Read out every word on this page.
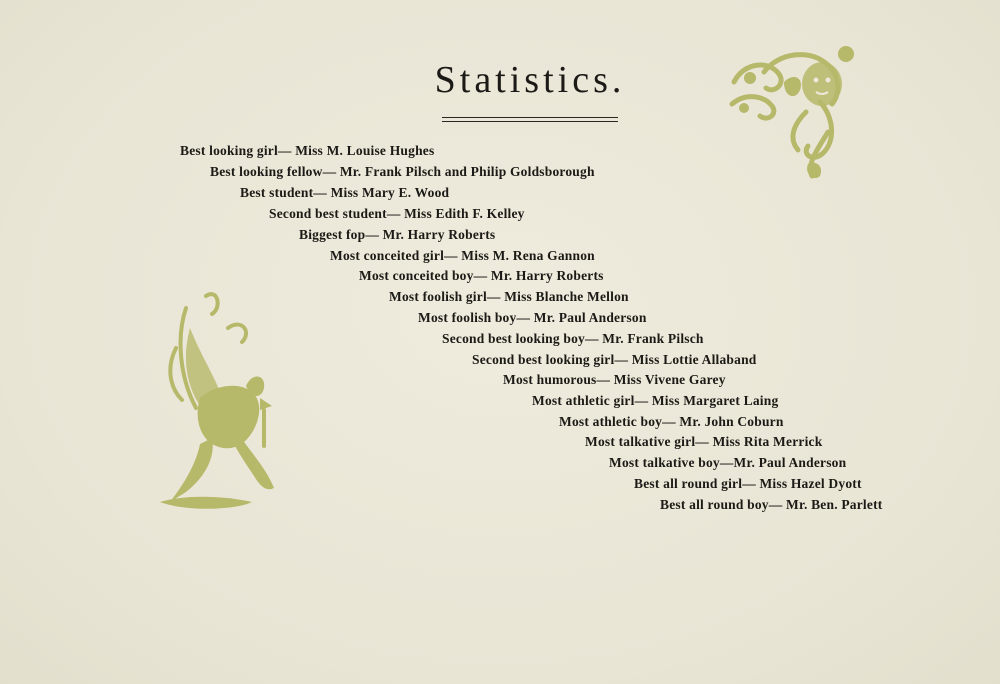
Statistics.
Best looking girl— Miss M. Louise Hughes
Best looking fellow— Mr. Frank Pilsch and Philip Goldsborough
Best student— Miss Mary E. Wood
Second best student— Miss Edith F. Kelley
Biggest fop— Mr. Harry Roberts
Most conceited girl— Miss M. Rena Gannon
Most conceited boy— Mr. Harry Roberts
Most foolish girl— Miss Blanche Mellon
Most foolish boy— Mr. Paul Anderson
Second best looking boy— Mr. Frank Pilsch
Second best looking girl— Miss Lottie Allaband
Most humorous— Miss Vivene Garey
Most athletic girl— Miss Margaret Laing
Most athletic boy— Mr. John Coburn
Most talkative girl— Miss Rita Merrick
Most talkative boy—Mr. Paul Anderson
Best all round girl— Miss Hazel Dyott
Best all round boy— Mr. Ben. Parlett
